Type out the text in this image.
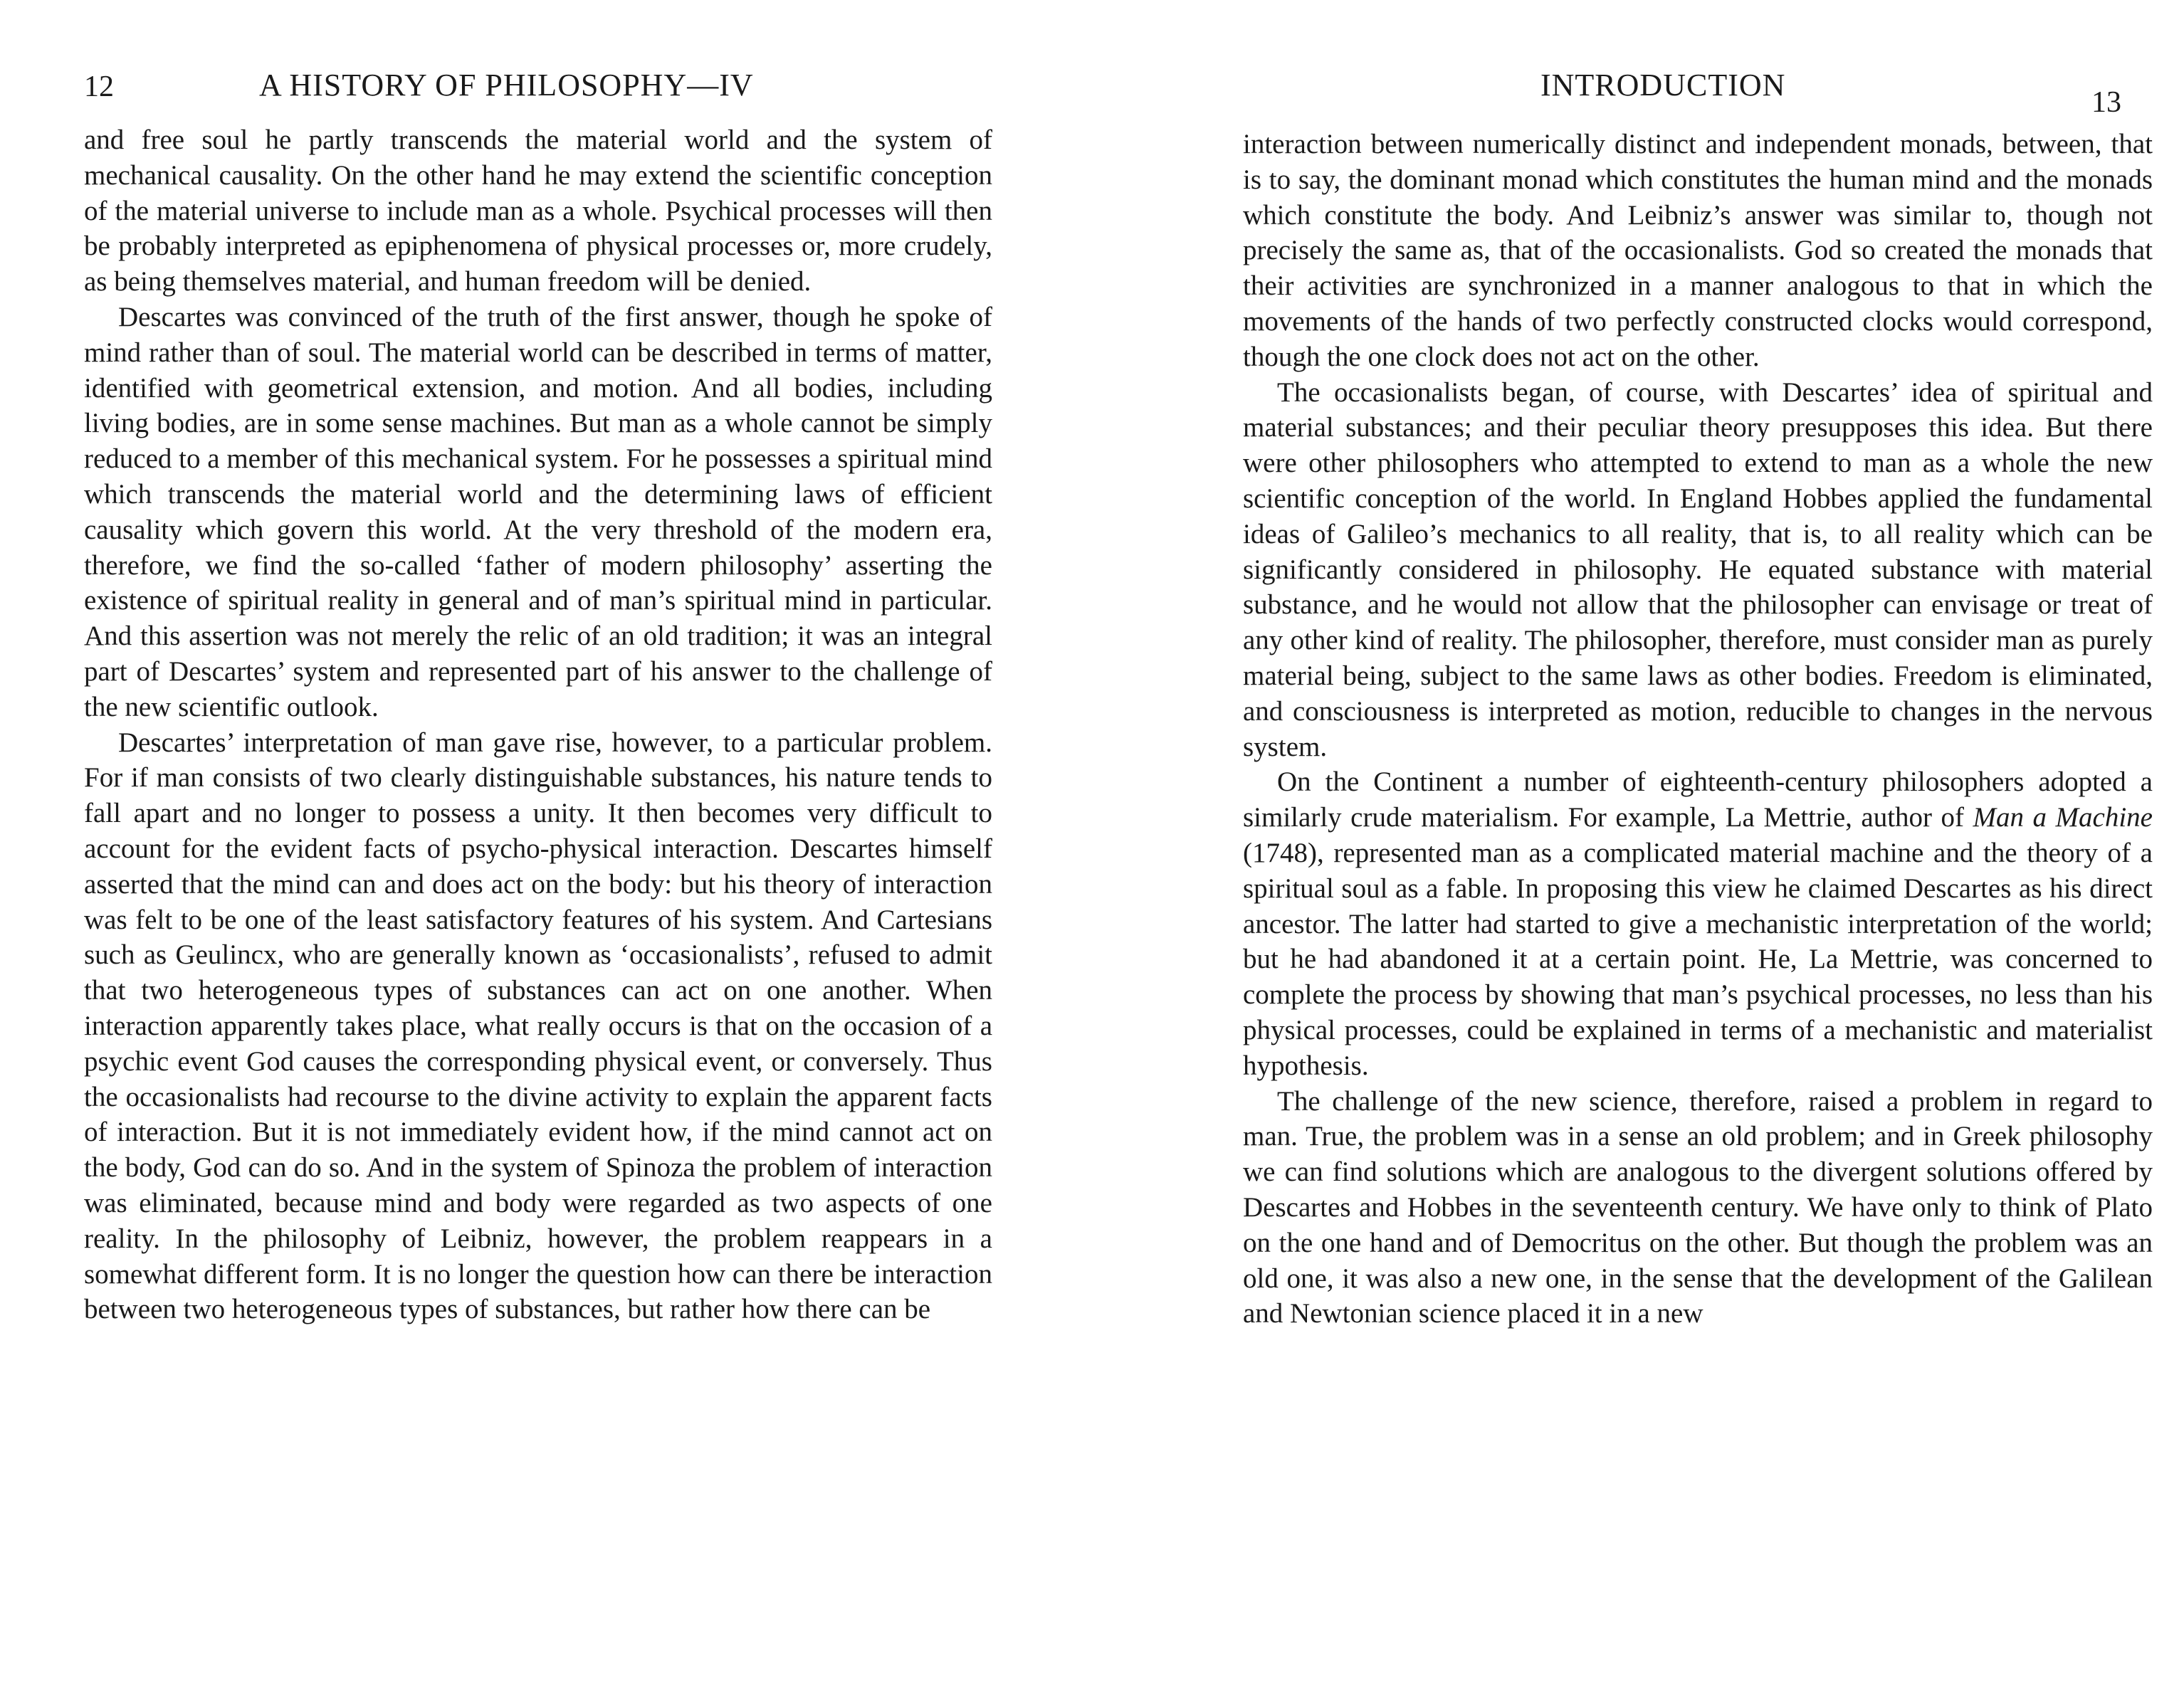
12	A HISTORY OF PHILOSOPHY—IV

and free soul he partly transcends the material world and the system of mechanical causality. On the other hand he may extend the scientific conception of the material universe to include man as a whole. Psychical processes will then be probably interpreted as epiphenomena of physical processes or, more crudely, as being themselves material, and human freedom will be denied.

Descartes was convinced of the truth of the first answer, though he spoke of mind rather than of soul. The material world can be described in terms of matter, identified with geometrical extension, and motion. And all bodies, including living bodies, are in some sense machines. But man as a whole cannot be simply reduced to a member of this mechanical system. For he possesses a spiritual mind which transcends the material world and the determining laws of efficient causality which govern this world. At the very threshold of the modern era, therefore, we find the so-called ‘father of modern philosophy’ asserting the existence of spiritual reality in general and of man’s spiritual mind in particular. And this assertion was not merely the relic of an old tradition; it was an integral part of Descartes’ system and represented part of his answer to the challenge of the new scientific outlook.

Descartes’ interpretation of man gave rise, however, to a particular problem. For if man consists of two clearly distinguishable substances, his nature tends to fall apart and no longer to possess a unity. It then becomes very difficult to account for the evident facts of psycho-physical interaction. Descartes himself asserted that the mind can and does act on the body: but his theory of interaction was felt to be one of the least satisfactory features of his system. And Cartesians such as Geulincx, who are generally known as ‘occasionalists’, refused to admit that two heterogeneous types of substances can act on one another. When interaction apparently takes place, what really occurs is that on the occasion of a psychic event God causes the corresponding physical event, or conversely. Thus the occasionalists had recourse to the divine activity to explain the apparent facts of interaction. But it is not immediately evident how, if the mind cannot act on the body, God can do so. And in the system of Spinoza the problem of interaction was eliminated, because mind and body were regarded as two aspects of one reality. In the philosophy of Leibniz, however, the problem reappears in a somewhat different form. It is no longer the question how can there be interaction between two heterogeneous types of substances, but rather how there can be

INTRODUCTION	13

interaction between numerically distinct and independent monads, between, that is to say, the dominant monad which constitutes the human mind and the monads which constitute the body. And Leibniz’s answer was similar to, though not precisely the same as, that of the occasionalists. God so created the monads that their activities are synchronized in a manner analogous to that in which the movements of the hands of two perfectly constructed clocks would correspond, though the one clock does not act on the other.

The occasionalists began, of course, with Descartes’ idea of spiritual and material substances; and their peculiar theory presupposes this idea. But there were other philosophers who attempted to extend to man as a whole the new scientific conception of the world. In England Hobbes applied the fundamental ideas of Galileo’s mechanics to all reality, that is, to all reality which can be significantly considered in philosophy. He equated substance with material substance, and he would not allow that the philosopher can envisage or treat of any other kind of reality. The philosopher, therefore, must consider man as purely material being, subject to the same laws as other bodies. Freedom is eliminated, and consciousness is interpreted as motion, reducible to changes in the nervous system.

On the Continent a number of eighteenth-century philosophers adopted a similarly crude materialism. For example, La Mettrie, author of Man a Machine (1748), represented man as a complicated material machine and the theory of a spiritual soul as a fable. In proposing this view he claimed Descartes as his direct ancestor. The latter had started to give a mechanistic interpretation of the world; but he had abandoned it at a certain point. He, La Mettrie, was concerned to complete the process by showing that man’s psychical processes, no less than his physical processes, could be explained in terms of a mechanistic and materialist hypothesis.

The challenge of the new science, therefore, raised a problem in regard to man. True, the problem was in a sense an old problem; and in Greek philosophy we can find solutions which are analogous to the divergent solutions offered by Descartes and Hobbes in the seventeenth century. We have only to think of Plato on the one hand and of Democritus on the other. But though the problem was an old one, it was also a new one, in the sense that the development of the Galilean and Newtonian science placed it in a new
